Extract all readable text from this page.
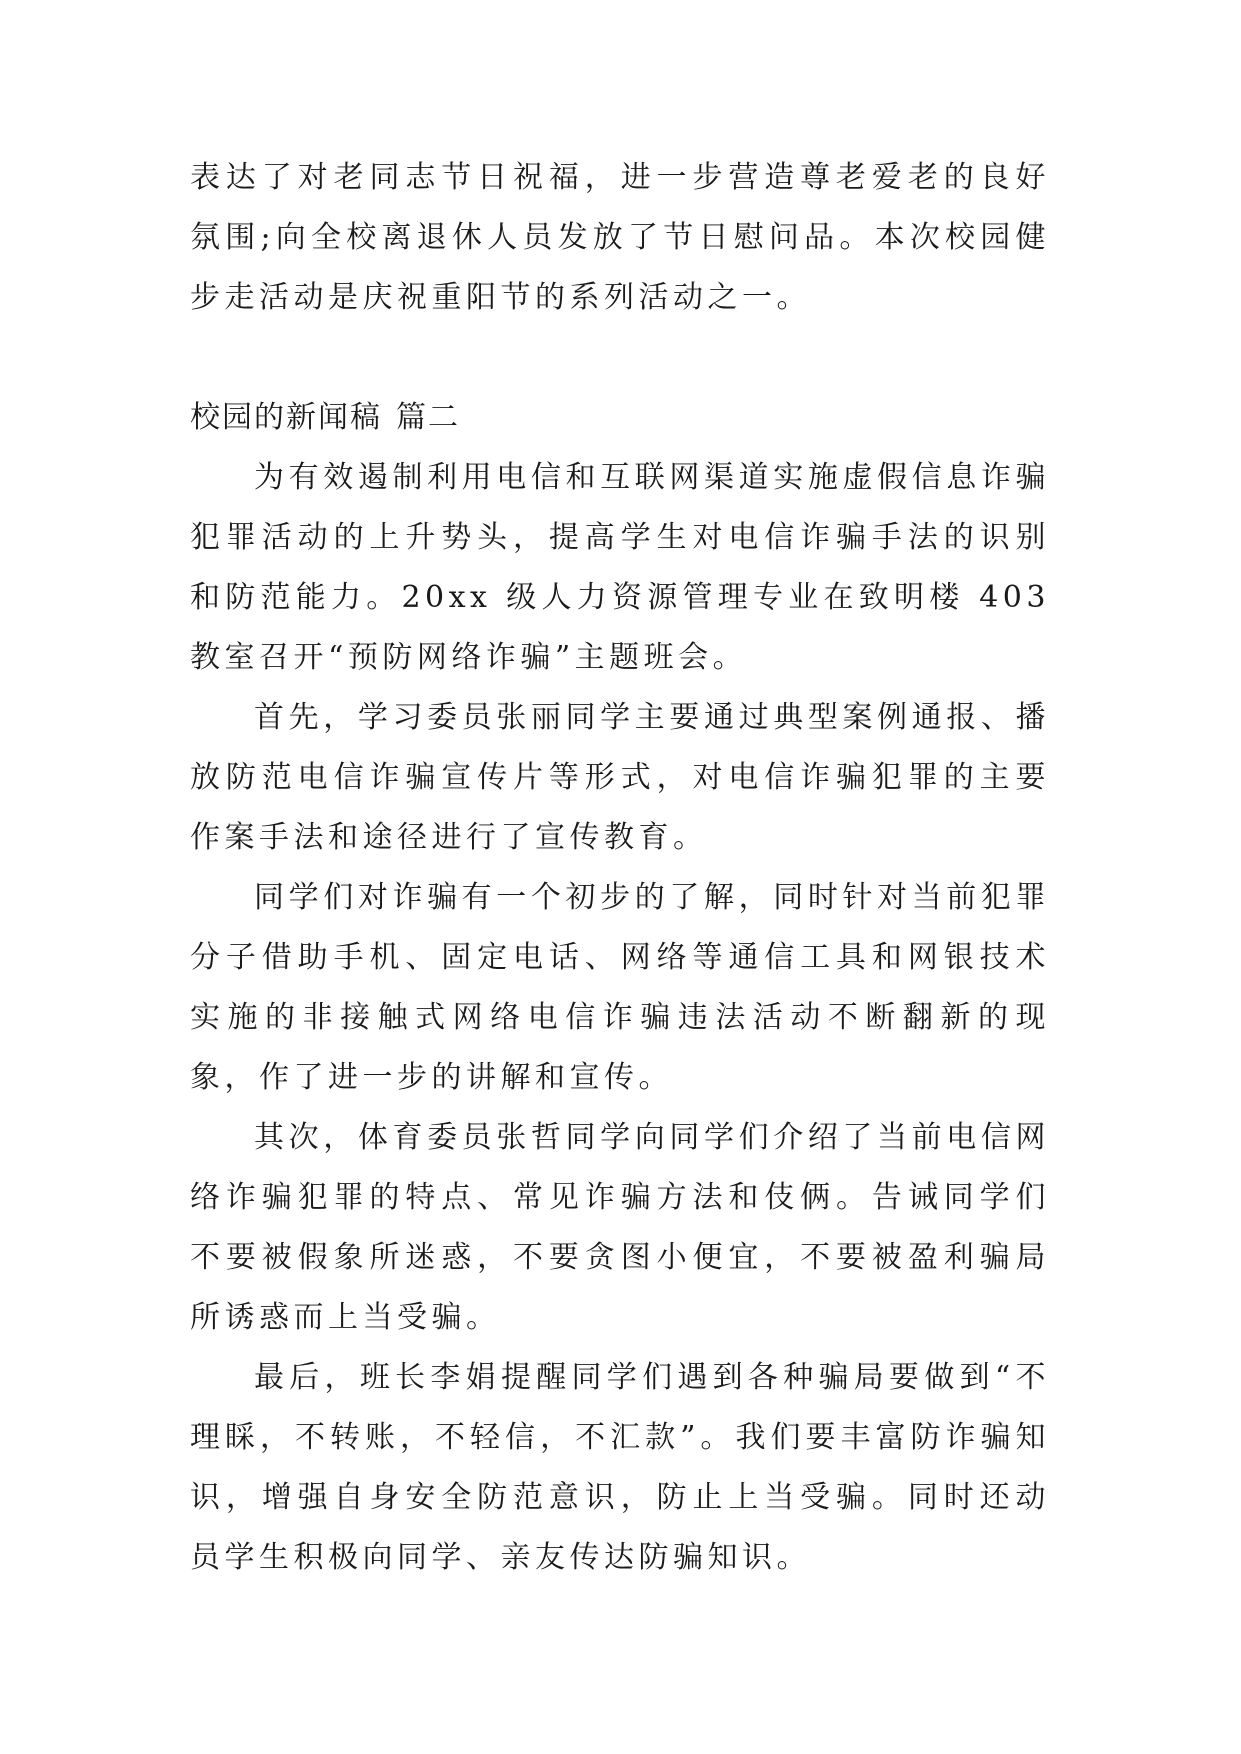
表达了对老同志节日祝福，进一步营造尊老爱老的良好氛围;向全校离退休人员发放了节日慰问品。本次校园健步走活动是庆祝重阳节的系列活动之一。

校园的新闻稿 篇二

为有效遏制利用电信和互联网渠道实施虚假信息诈骗犯罪活动的上升势头，提高学生对电信诈骗手法的识别和防范能力。20xx 级人力资源管理专业在致明楼 403 教室召开“预防网络诈骗”主题班会。

首先，学习委员张丽同学主要通过典型案例通报、播放防范电信诈骗宣传片等形式，对电信诈骗犯罪的主要作案手法和途径进行了宣传教育。

同学们对诈骗有一个初步的了解，同时针对当前犯罪分子借助手机、固定电话、网络等通信工具和网银技术实施的非接触式网络电信诈骗违法活动不断翻新的现象，作了进一步的讲解和宣传。

其次，体育委员张哲同学向同学们介绍了当前电信网络诈骗犯罪的特点、常见诈骗方法和伎俩。告诫同学们不要被假象所迷惑，不要贪图小便宜，不要被盈利骗局所诱惑而上当受骗。

最后，班长李娟提醒同学们遇到各种骗局要做到“不理睬，不转账，不轻信，不汇款”。我们要丰富防诈骗知识，增强自身安全防范意识，防止上当受骗。同时还动员学生积极向同学、亲友传达防骗知识。
